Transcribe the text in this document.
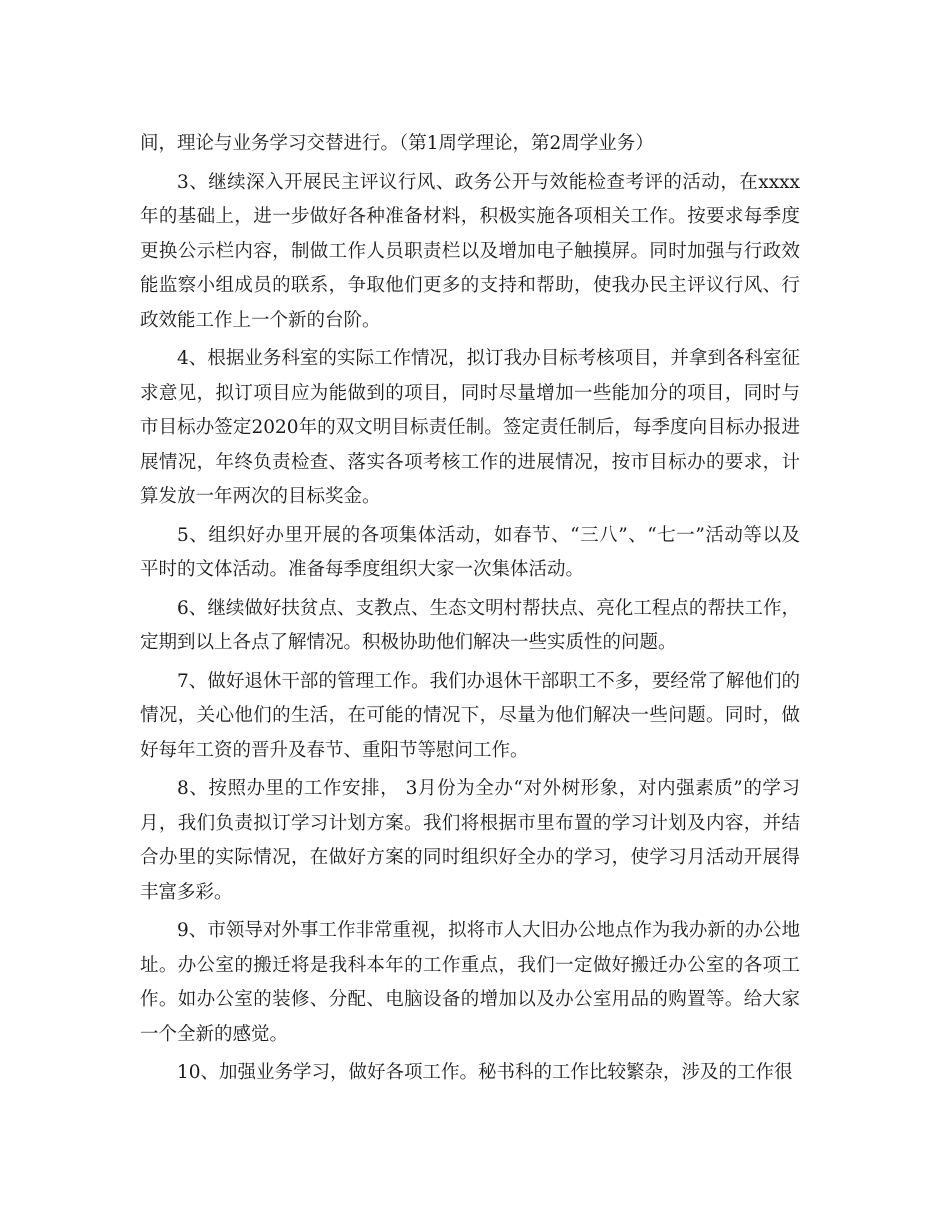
间，理论与业务学习交替进行。（第1周学理论，第2周学业务）

3、继续深入开展民主评议行风、政务公开与效能检查考评的活动，在xxxx年的基础上，进一步做好各种准备材料，积极实施各项相关工作。按要求每季度更换公示栏内容，制做工作人员职责栏以及增加电子触摸屏。同时加强与行政效能监察小组成员的联系，争取他们更多的支持和帮助，使我办民主评议行风、行政效能工作上一个新的台阶。

4、根据业务科室的实际工作情况，拟订我办目标考核项目，并拿到各科室征求意见，拟订项目应为能做到的项目，同时尽量增加一些能加分的项目，同时与市目标办签定2020年的双文明目标责任制。签定责任制后，每季度向目标办报进展情况，年终负责检查、落实各项考核工作的进展情况，按市目标办的要求，计算发放一年两次的目标奖金。

5、组织好办里开展的各项集体活动，如春节、“三八”、“七一”活动等以及平时的文体活动。准备每季度组织大家一次集体活动。

6、继续做好扶贫点、支教点、生态文明村帮扶点、亮化工程点的帮扶工作，定期到以上各点了解情况。积极协助他们解决一些实质性的问题。

7、做好退休干部的管理工作。我们办退休干部职工不多，要经常了解他们的情况，关心他们的生活，在可能的情况下，尽量为他们解决一些问题。同时，做好每年工资的晋升及春节、重阳节等慰问工作。

8、按照办里的工作安排， 3月份为全办“对外树形象，对内强素质”的学习月，我们负责拟订学习计划方案。我们将根据市里布置的学习计划及内容，并结合办里的实际情况，在做好方案的同时组织好全办的学习，使学习月活动开展得丰富多彩。

9、市领导对外事工作非常重视，拟将市人大旧办公地点作为我办新的办公地址。办公室的搬迁将是我科本年的工作重点，我们一定做好搬迁办公室的各项工作。如办公室的装修、分配、电脑设备的增加以及办公室用品的购置等。给大家一个全新的感觉。

10、加强业务学习，做好各项工作。秘书科的工作比较繁杂，涉及的工作很
